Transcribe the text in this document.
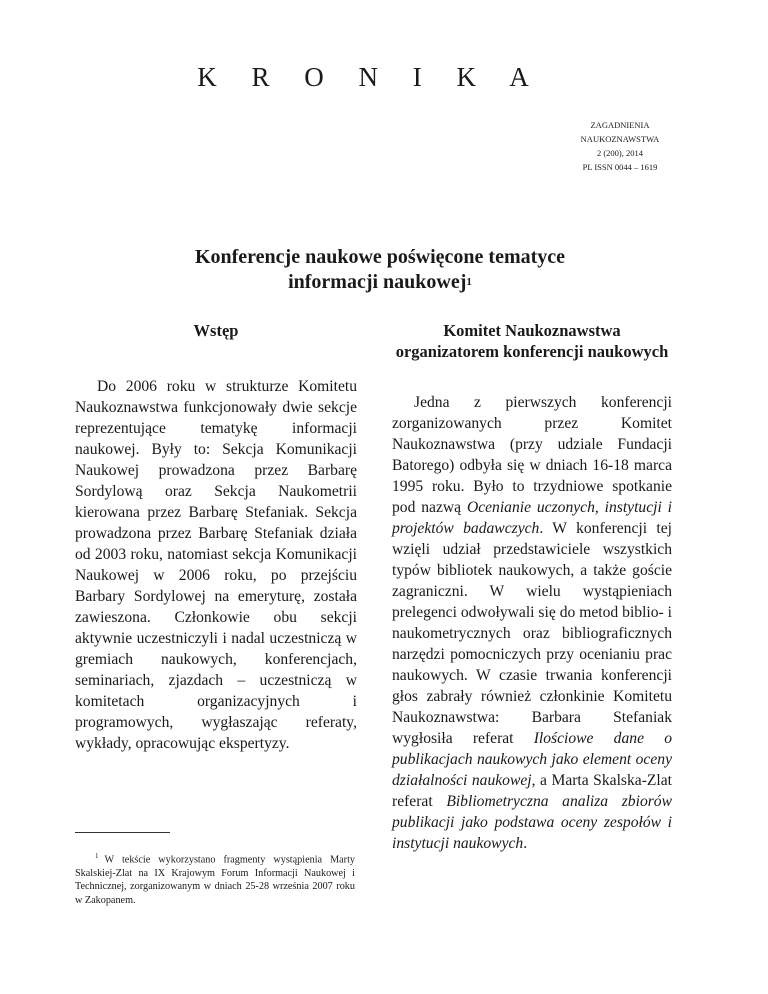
K R O N I K A
ZAGADNIENIA
NAUKOZNAWSTWA
2 (200), 2014
PL ISSN 0044 – 1619
Konferencje naukowe poświęcone tematyce
informacji naukowej$^1$
Wstęp

Do 2006 roku w strukturze Komitetu Naukoznawstwa funkcjonowały dwie sekcje reprezentujące tematykę informacji naukowej. Były to: Sekcja Komunikacji Naukowej prowadzona przez Barbarę Sordylową oraz Sekcja Naukometrii kierowana przez Barbarę Stefaniak. Sekcja prowadzona przez Barbarę Stefaniak działa od 2003 roku, natomiast sekcja Komunikacji Naukowej w 2006 roku, po przejściu Barbary Sordylowej na emeryturę, została zawieszona. Członkowie obu sekcji aktywnie uczestniczyli i nadal uczestniczą w gremiach naukowych, konferencjach, seminariach, zjazdach – uczestniczą w komitetach organizacyjnych i programowych, wygłaszając referaty, wykłady, opracowując ekspertyzy.

Komitet Naukoznawstwa organizatorem konferencji naukowych

Jedna z pierwszych konferencji zorganizowanych przez Komitet Naukoznawstwa (przy udziale Fundacji Batorego) odbyła się w dniach 16-18 marca 1995 roku. Było to trzydniowe spotkanie pod nazwą Ocenianie uczonych, instytucji i projektów badawczych. W konferencji tej wzięli udział przedstawiciele wszystkich typów bibliotek naukowych, a także goście zagraniczni. W wielu wystąpieniach prelegenci odwoływali się do metod biblio- i naukometrycznych oraz bibliograficznych narzędzi pomocniczych przy ocenianiu prac naukowych. W czasie trwania konferencji głos zabrały również członkinie Komitetu Naukoznawstwa: Barbara Stefaniak wygłosiła referat Ilościowe dane o publikacjach naukowych jako element oceny działalności naukowej, a Marta Skalska-Zlat referat Bibliometryczna analiza zbiorów publikacji jako podstawa oceny zespołów i instytucji naukowych.

$^1$ W tekście wykorzystano fragmenty wystąpienia Marty Skalskiej-Zlat na IX Krajowym Forum Informacji Naukowej i Technicznej, zorganizowanym w dniach 25-28 września 2007 roku w Zakopanem.
